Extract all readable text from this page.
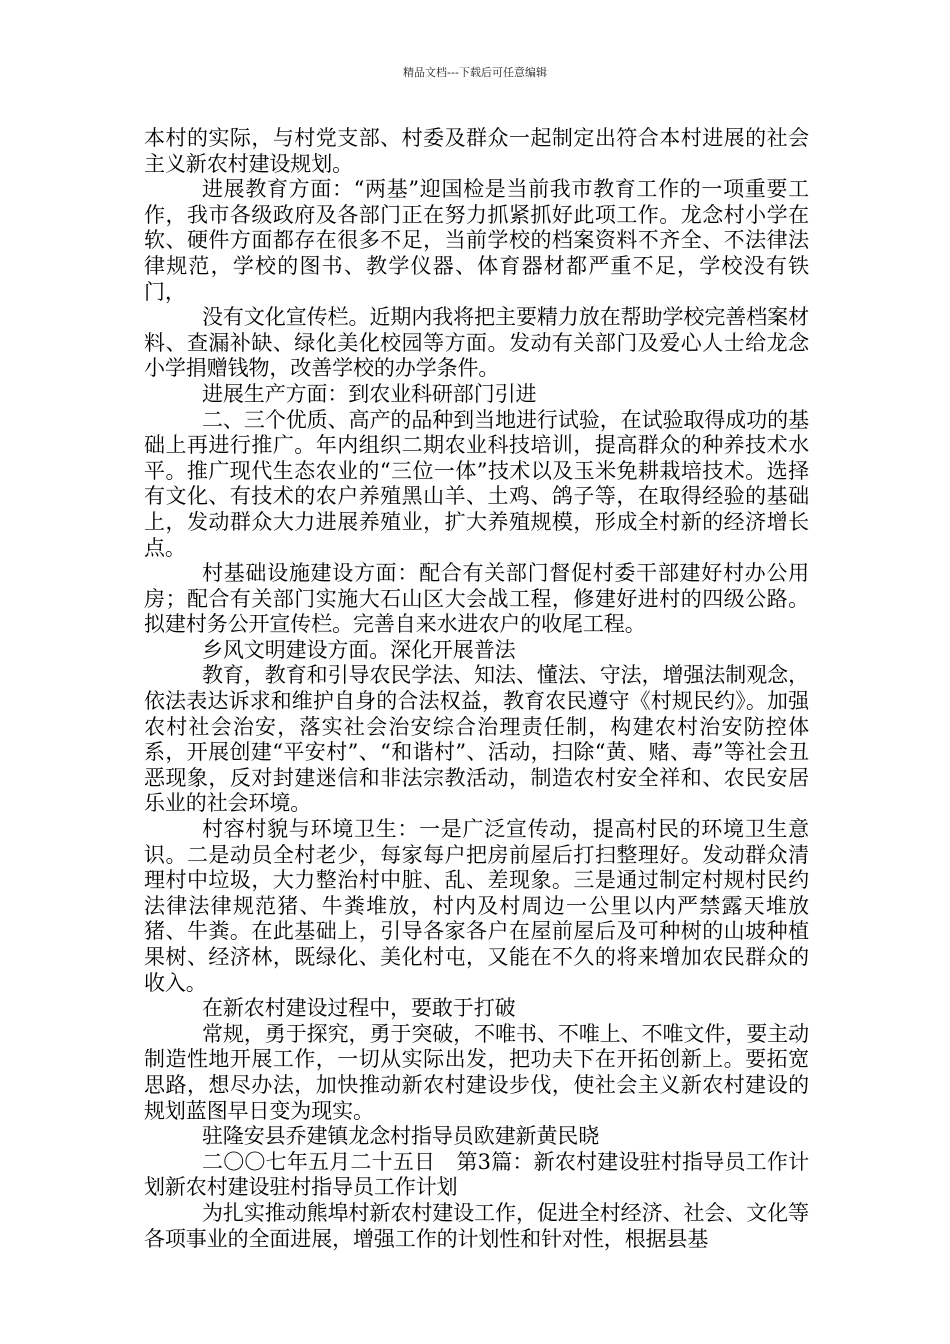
精品文档---下载后可任意编辑

本村的实际，与村党支部、村委及群众一起制定出符合本村进展的社会主义新农村建设规划。

进展教育方面：“两基”迎国检是当前我市教育工作的一项重要工作，我市各级政府及各部门正在努力抓紧抓好此项工作。龙念村小学在软、硬件方面都存在很多不足，当前学校的档案资料不齐全、不法律法律规范，学校的图书、教学仪器、体育器材都严重不足，学校没有铁门，

没有文化宣传栏。近期内我将把主要精力放在帮助学校完善档案材料、查漏补缺、绿化美化校园等方面。发动有关部门及爱心人士给龙念小学捐赠钱物，改善学校的办学条件。

进展生产方面：到农业科研部门引进

二、三个优质、高产的品种到当地进行试验，在试验取得成功的基础上再进行推广。年内组织二期农业科技培训，提高群众的种养技术水平。推广现代生态农业的“三位一体”技术以及玉米免耕栽培技术。选择有文化、有技术的农户养殖黑山羊、土鸡、鸽子等，在取得经验的基础上，发动群众大力进展养殖业，扩大养殖规模，形成全村新的经济增长点。

村基础设施建设方面：配合有关部门督促村委干部建好村办公用房；配合有关部门实施大石山区大会战工程，修建好进村的四级公路。拟建村务公开宣传栏。完善自来水进农户的收尾工程。

乡风文明建设方面。深化开展普法

教育，教育和引导农民学法、知法、懂法、守法，增强法制观念，依法表达诉求和维护自身的合法权益，教育农民遵守《村规民约》。加强农村社会治安，落实社会治安综合治理责任制，构建农村治安防控体系，开展创建“平安村”、“和谐村”、活动，扫除“黄、赌、毒”等社会丑恶现象，反对封建迷信和非法宗教活动，制造农村安全祥和、农民安居乐业的社会环境。

村容村貌与环境卫生：一是广泛宣传动，提高村民的环境卫生意识。二是动员全村老少，每家每户把房前屋后打扫整理好。发动群众清理村中垃圾，大力整治村中脏、乱、差现象。三是通过制定村规村民约法律法律规范猪、牛粪堆放，村内及村周边一公里以内严禁露天堆放猪、牛粪。在此基础上，引导各家各户在屋前屋后及可种树的山坡种植果树、经济林，既绿化、美化村屯，又能在不久的将来增加农民群众的收入。

在新农村建设过程中，要敢于打破

常规，勇于探究，勇于突破，不唯书、不唯上、不唯文件，要主动制造性地开展工作，一切从实际出发，把功夫下在开拓创新上。要拓宽思路，想尽办法，加快推动新农村建设步伐，使社会主义新农村建设的规划蓝图早日变为现实。

驻隆安县乔建镇龙念村指导员欧建新黄民晓

二〇〇七年五月二十五日　第3篇：新农村建设驻村指导员工作计划新农村建设驻村指导员工作计划

为扎实推动熊埠村新农村建设工作，促进全村经济、社会、文化等各项事业的全面进展，增强工作的计划性和针对性，根据县基
